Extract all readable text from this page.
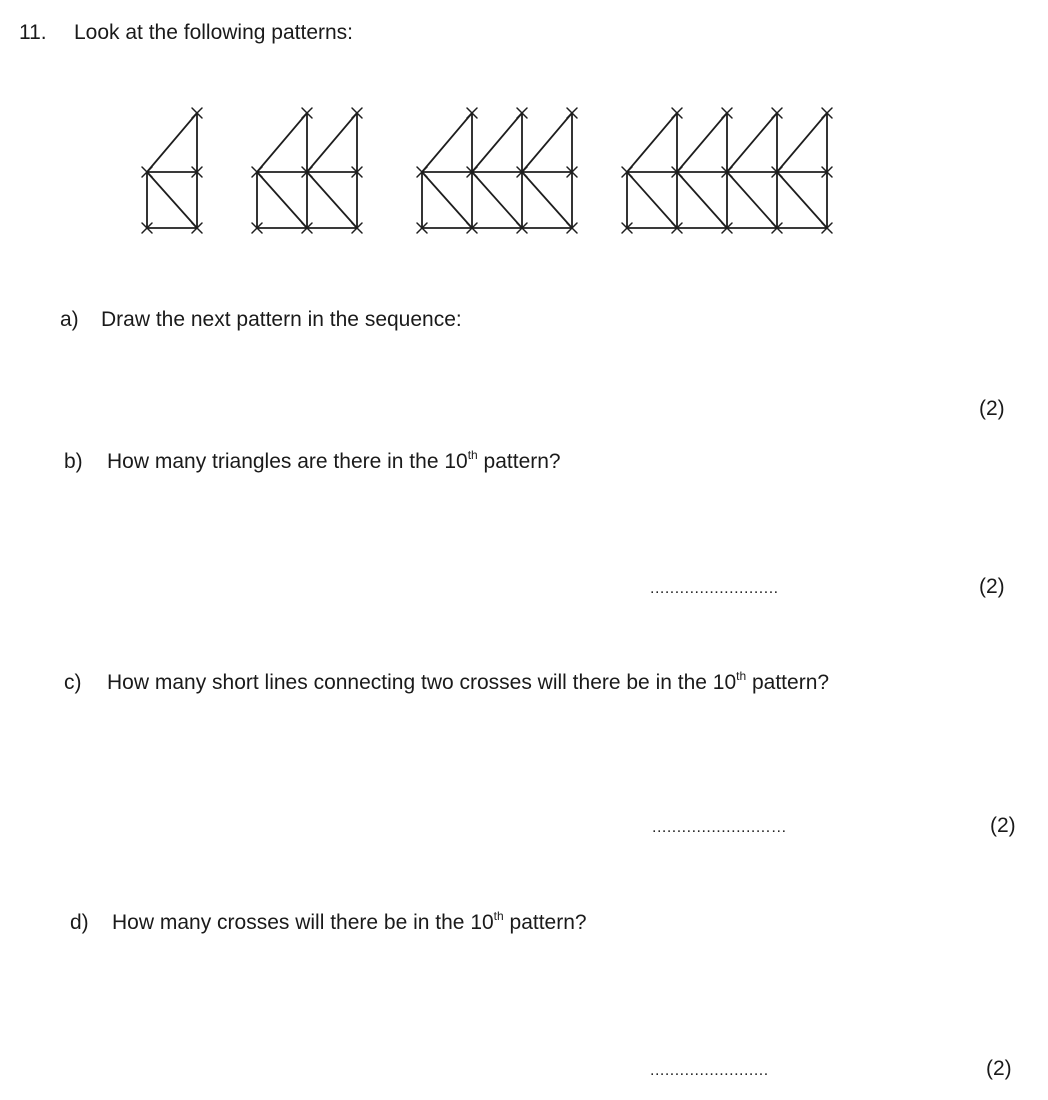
11. Look at the following patterns:
a) Draw the next pattern in the sequence:
(2)
b) How many triangles are there in the 10th pattern?
..........................	(2)
c) How many short lines connecting two crosses will there be in the 10th pattern?
........................…	(2)
d) How many crosses will there be in the 10th pattern?
........................	(2)
